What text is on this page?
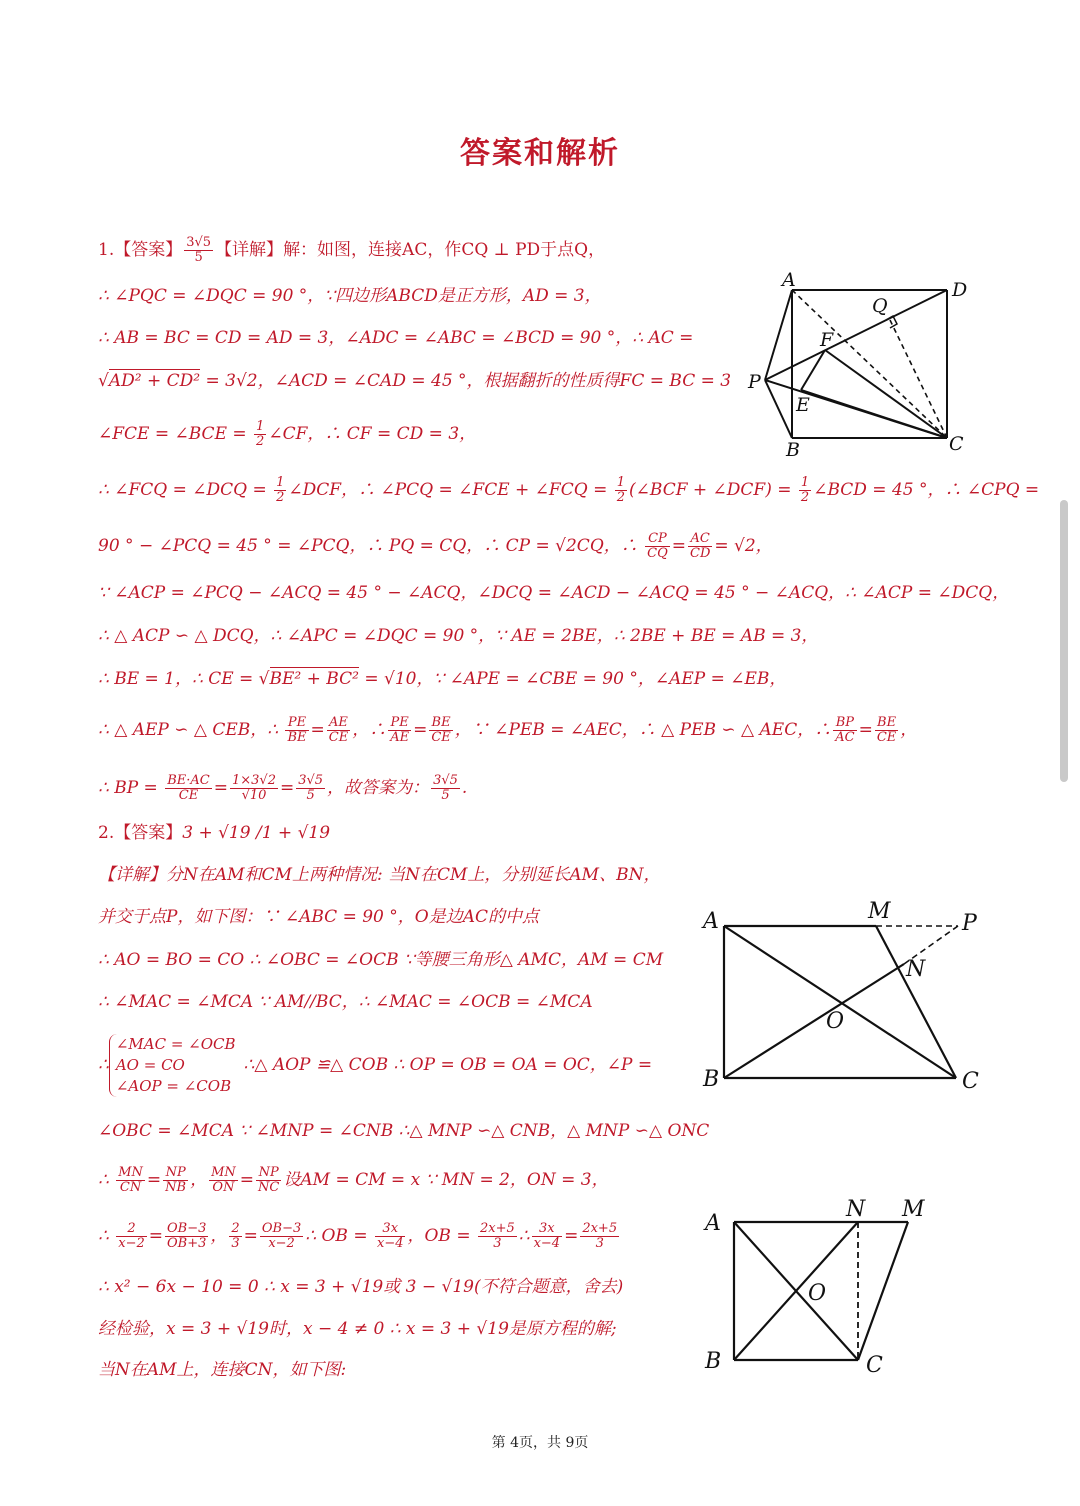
答案和解析
1.【答案】 $\frac{3√5}{5}$ 【详解】解：如图，连接AC，作CQ ⊥ PD于点Q，
∴ ∠PQC = ∠DQC = 90 °，∵四边形ABCD是正方形，AD = 3，
∴ AB = BC = CD = AD = 3，∠ADC = ∠ABC = ∠BCD = 90 °，∴ AC =
√AD² + CD² = 3√2，∠ACD = ∠CAD = 45 °，根据翻折的性质得FC = BC = 3
∠FCE = ∠BCE = $\frac{1}{2}$ ∠CF，∴ CF = CD = 3，
∴ ∠FCQ = ∠DCQ = $\frac{1}{2}$ ∠DCF，∴ ∠PCQ = ∠FCE + ∠FCQ = $\frac{1}{2}$ (∠BCF + ∠DCF) = $\frac{1}{2}$ ∠BCD = 45 °，∴ ∠CPQ =
90 ° − ∠PCQ = 45 ° = ∠PCQ，∴ PQ = CQ，∴ CP = √2CQ，∴ $\frac{CP}{CQ} = \frac{AC}{CD} = √2$，
∵ ∠ACP = ∠PCQ − ∠ACQ = 45 ° − ∠ACQ，∠DCQ = ∠ACD − ∠ACQ = 45 ° − ∠ACQ，∴ ∠ACP = ∠DCQ，
∴ △ ACP ∽ △ DCQ，∴ ∠APC = ∠DQC = 90 °，∵ AE = 2BE，∴ 2BE + BE = AB = 3，
∴ BE = 1，∴ CE = √BE² + BC² = √10，∵ ∠APE = ∠CBE = 90 °，∠AEP = ∠EB，
∴ △ AEP ∽ △ CEB，∴ $\frac{PE}{BE} = \frac{AE}{CE}$ ，∴ $\frac{PE}{AE} = \frac{BE}{CE}$ ，∵ ∠PEB = ∠AEC，∴ △ PEB ∽ △ AEC，∴ $\frac{BP}{AC} = \frac{BE}{CE}$ ，
∴ BP = $\frac{BE\cdot AC}{CE} = \frac{1\times 3√2}{√10} = \frac{3√5}{5}$ ，故答案为： $\frac{3√5}{5}$ .
A	D
Q
F
P
E
B	C
2.【答案】3 + √19 /1 + √19
【详解】分N在AM和CM上两种情况: 当N在CM上，分别延长AM、BN，
并交于点P，如下图：∵ ∠ABC = 90 °，O是边AC的中点
∴ AO = BO = CO ∴ ∠OBC = ∠OCB ∵等腰三角形△ AMC，AM = CM
∴ ∠MAC = ∠MCA ∵ AM//BC，∴ ∠MAC = ∠OCB = ∠MCA
∴
∠MAC = ∠OCB
AO = CO
∠AOP = ∠COB
∴△ AOP ≌△ COB ∴ OP = OB = OA = OC，∠P =
∠OBC = ∠MCA ∵ ∠MNP = ∠CNB ∴△ MNP ∽△ CNB，△ MNP ∽△ ONC
∴ $\frac{MN}{CN} = \frac{NP}{NB}$ ， $\frac{MN}{ON} = \frac{NP}{NC}$ 设AM = CM = x ∵ MN = 2，ON = 3，
∴ $\frac{2}{x-2} = \frac{OB-3}{OB+3}$ ， $\frac{2}{3} = \frac{OB-3}{x-2}$ ∴ OB = $\frac{3x}{x-4}$ ，OB = $\frac{2x+5}{3}$ ∴ $\frac{3x}{x-4} = \frac{2x+5}{3}$
∴ x² − 6x − 10 = 0 ∴ x = 3 + √19或 3 − √19(不符合题意，舍去)
经检验，x = 3 + √19时，x − 4 ≠ 0 ∴ x = 3 + √19是原方程的解;
当N在AM上，连接CN，如下图:
A	M	P
N
O
B	C
A
N M
O
B	C
第 4页，共 9页
